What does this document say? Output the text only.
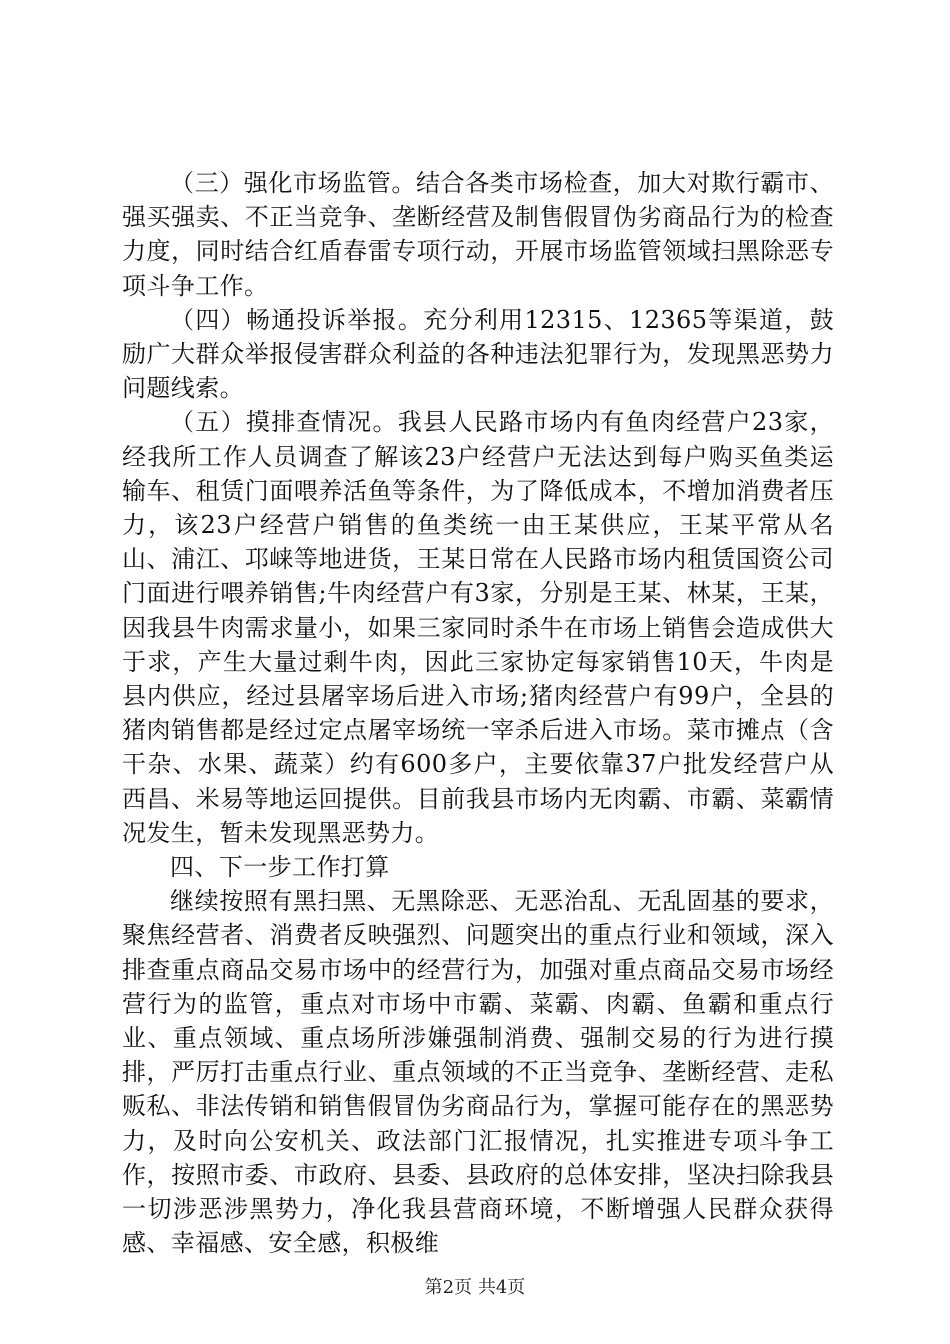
（三）强化市场监管。结合各类市场检查，加大对欺行霸市、强买强卖、不正当竞争、垄断经营及制售假冒伪劣商品行为的检查力度，同时结合红盾春雷专项行动，开展市场监管领域扫黑除恶专项斗争工作。

（四）畅通投诉举报。充分利用12315、12365等渠道，鼓励广大群众举报侵害群众利益的各种违法犯罪行为，发现黑恶势力问题线索。

（五）摸排查情况。我县人民路市场内有鱼肉经营户23家，经我所工作人员调查了解该23户经营户无法达到每户购买鱼类运输车、租赁门面喂养活鱼等条件，为了降低成本，不增加消费者压力，该23户经营户销售的鱼类统一由王某供应，王某平常从名山、浦江、邛崃等地进货，王某日常在人民路市场内租赁国资公司门面进行喂养销售;牛肉经营户有3家，分别是王某、林某，王某，因我县牛肉需求量小，如果三家同时杀牛在市场上销售会造成供大于求，产生大量过剩牛肉，因此三家协定每家销售10天，牛肉是县内供应，经过县屠宰场后进入市场;猪肉经营户有99户，全县的猪肉销售都是经过定点屠宰场统一宰杀后进入市场。菜市摊点（含干杂、水果、蔬菜）约有600多户，主要依靠37户批发经营户从西昌、米易等地运回提供。目前我县市场内无肉霸、市霸、菜霸情况发生，暂未发现黑恶势力。

四、下一步工作打算

继续按照有黑扫黑、无黑除恶、无恶治乱、无乱固基的要求，聚焦经营者、消费者反映强烈、问题突出的重点行业和领域，深入排查重点商品交易市场中的经营行为，加强对重点商品交易市场经营行为的监管，重点对市场中市霸、菜霸、肉霸、鱼霸和重点行业、重点领域、重点场所涉嫌强制消费、强制交易的行为进行摸排，严厉打击重点行业、重点领域的不正当竞争、垄断经营、走私贩私、非法传销和销售假冒伪劣商品行为，掌握可能存在的黑恶势力，及时向公安机关、政法部门汇报情况，扎实推进专项斗争工作，按照市委、市政府、县委、县政府的总体安排，坚决扫除我县一切涉恶涉黑势力，净化我县营商环境，不断增强人民群众获得感、幸福感、安全感，积极维

第2页 共4页
